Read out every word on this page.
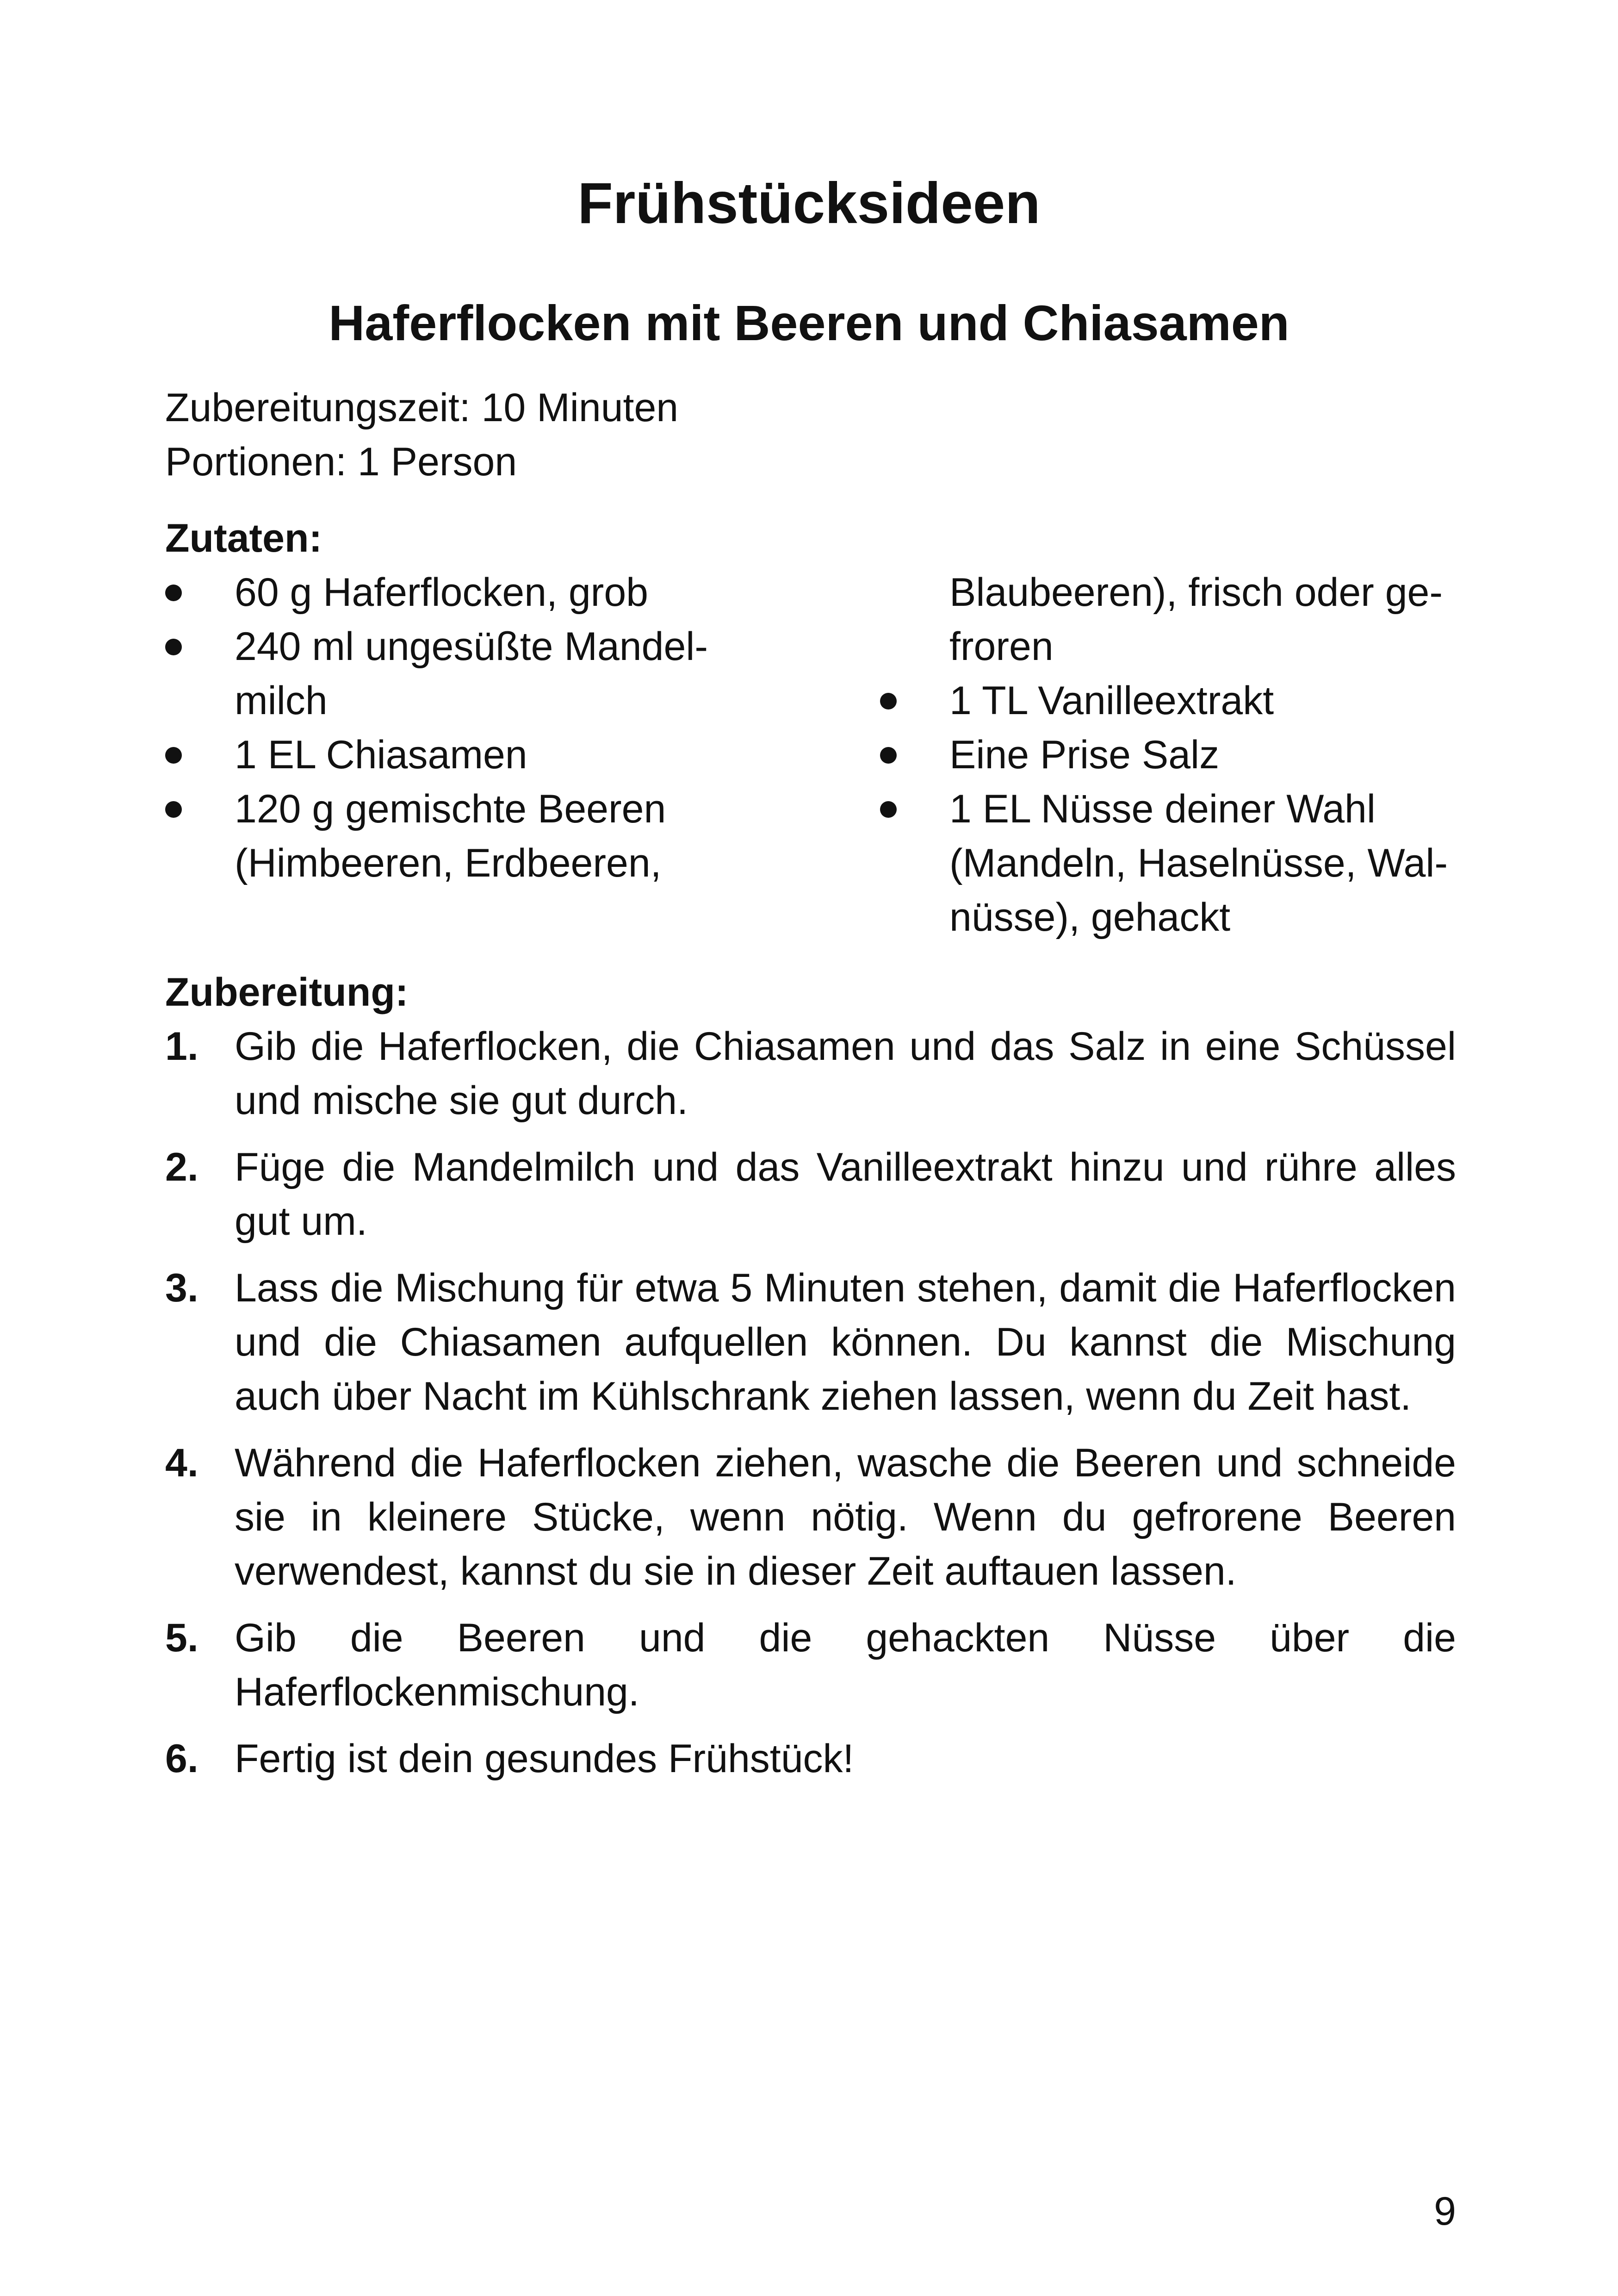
Frühstücksideen
Haferflocken mit Beeren und Chiasamen
Zubereitungszeit: 10 Minuten
Portionen: 1 Person
Zutaten:
60 g Haferflocken, grob
240 ml ungesüßte Mandel-
milch
1 EL Chiasamen
120 g gemischte Beeren
(Himbeeren, Erdbeeren,
Blaubeeren), frisch oder ge-
froren
1 TL Vanilleextrakt
Eine Prise Salz
1 EL Nüsse deiner Wahl
(Mandeln, Haselnüsse, Wal-
nüsse), gehackt
Zubereitung:
1. Gib die Haferflocken, die Chiasamen und das Salz in eine Schüssel und mische sie gut durch.
2. Füge die Mandelmilch und das Vanilleextrakt hinzu und rühre alles gut um.
3. Lass die Mischung für etwa 5 Minuten stehen, damit die Haferflocken und die Chiasamen aufquellen können. Du kannst die Mischung auch über Nacht im Kühlschrank ziehen lassen, wenn du Zeit hast.
4. Während die Haferflocken ziehen, wasche die Beeren und schneide sie in kleinere Stücke, wenn nötig. Wenn du gefrorene Beeren verwendest, kannst du sie in dieser Zeit auftauen lassen.
5. Gib die Beeren und die gehackten Nüsse über die Haferflockenmischung.
6. Fertig ist dein gesundes Frühstück!
9
